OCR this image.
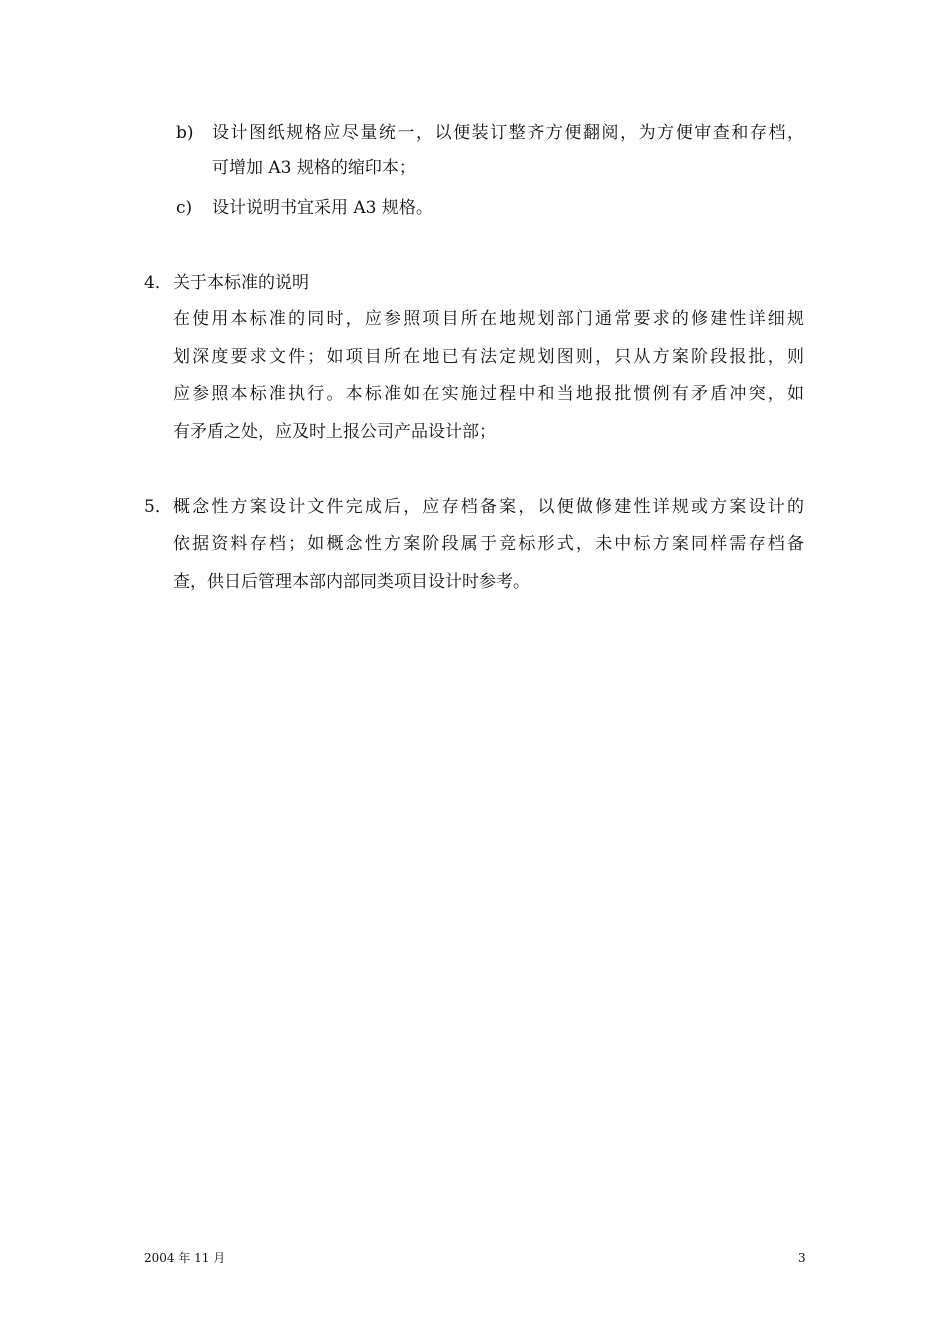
b) 设计图纸规格应尽量统一，以便装订整齐方便翻阅，为方便审查和存档，
可增加 A3 规格的缩印本；
c) 设计说明书宜采用 A3 规格。
4． 关于本标准的说明
在使用本标准的同时，应参照项目所在地规划部门通常要求的修建性详细规
划深度要求文件；如项目所在地已有法定规划图则，只从方案阶段报批，则
应参照本标准执行。本标准如在实施过程中和当地报批惯例有矛盾冲突，如
有矛盾之处，应及时上报公司产品设计部；
5． 概念性方案设计文件完成后，应存档备案，以便做修建性详规或方案设计的
依据资料存档；如概念性方案阶段属于竞标形式，未中标方案同样需存档备
查，供日后管理本部内部同类项目设计时参考。
2004 年 11 月	3
